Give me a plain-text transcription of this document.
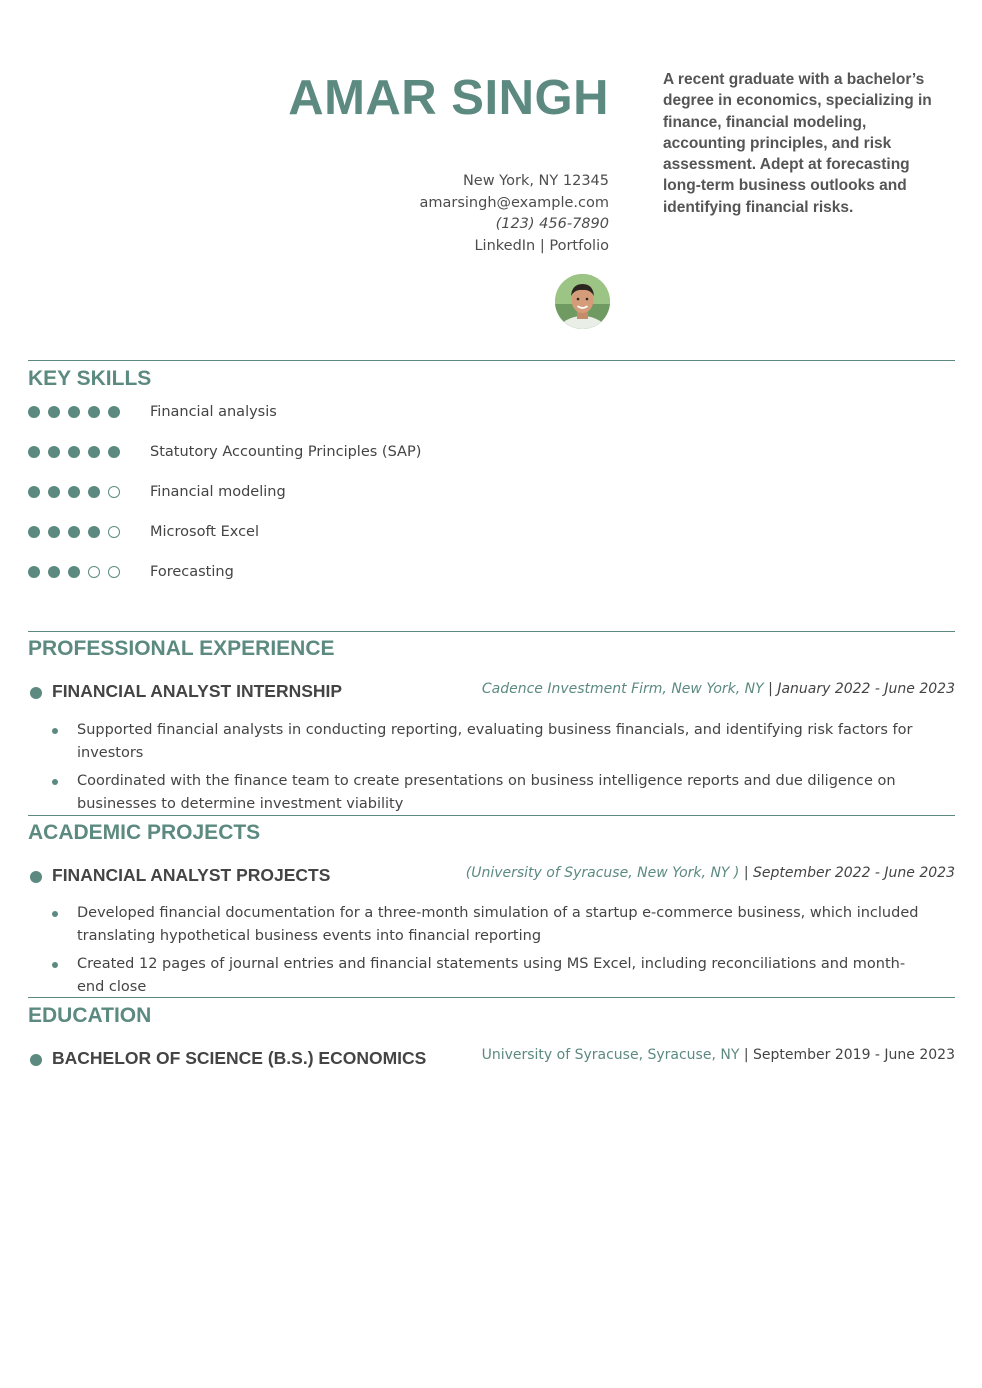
AMAR SINGH
New York, NY 12345
amarsingh@example.com
(123) 456-7890
LinkedIn | Portfolio

A recent graduate with a bachelor’s degree in economics, specializing in finance, financial modeling, accounting principles, and risk assessment. Adept at forecasting long-term business outlooks and identifying financial risks.

KEY SKILLS
Financial analysis
Statutory Accounting Principles (SAP)
Financial modeling
Microsoft Excel
Forecasting
PROFESSIONAL EXPERIENCE
FINANCIAL ANALYST INTERNSHIP	Cadence Investment Firm, New York, NY | January 2022 - June 2023
Supported financial analysts in conducting reporting, evaluating business financials, and identifying risk factors for investors
Coordinated with the finance team to create presentations on business intelligence reports and due diligence on businesses to determine investment viability
ACADEMIC PROJECTS
FINANCIAL ANALYST PROJECTS	(University of Syracuse, New York, NY ) | September 2022 - June 2023
Developed financial documentation for a three-month simulation of a startup e-commerce business, which included translating hypothetical business events into financial reporting
Created 12 pages of journal entries and financial statements using MS Excel, including reconciliations and month-end close
EDUCATION
BACHELOR OF SCIENCE (B.S.) ECONOMICS	University of Syracuse, Syracuse, NY | September 2019 - June 2023
